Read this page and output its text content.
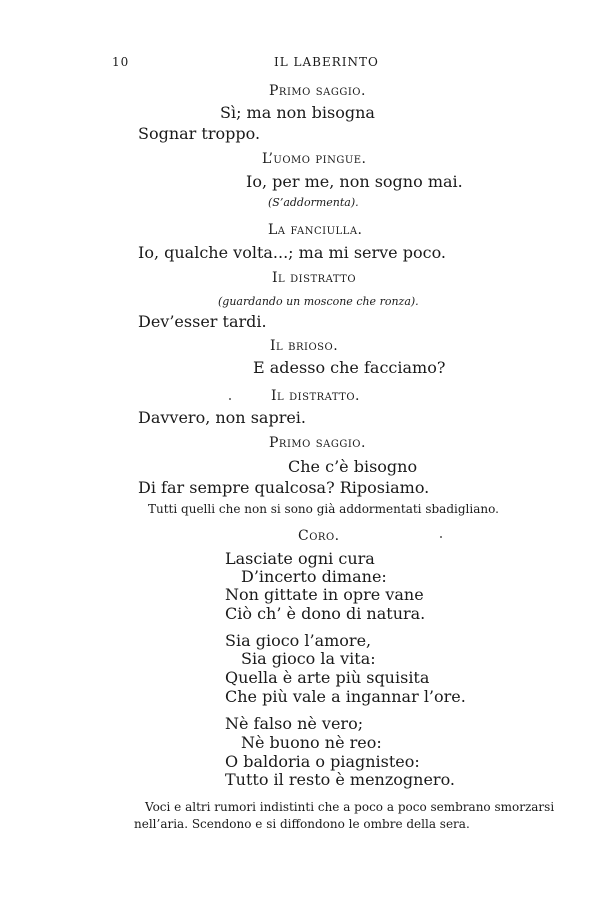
10	IL LABERINTO
Primo saggio.
Sì; ma non bisogna
Sognar troppo.
L’uomo pingue.
Io, per me, non sogno mai.
(S’addormenta).
La fanciulla.
Io, qualche volta...; ma mi serve poco.
Il distratto
(guardando un moscone che ronza).
Dev’esser tardi.
Il brioso.
E adesso che facciamo?
Il distratto.
Davvero, non saprei.
Primo saggio.
Che c’è bisogno
Di far sempre qualcosa? Riposiamo.
Tutti quelli che non si sono già addormentati sbadigliano.
Coro.
Lasciate ogni cura
D’incerto dimane:
Non gittate in opre vane
Ciò ch’ è dono di natura.
Sia gioco l’amore,
Sia gioco la vita:
Quella è arte più squisita
Che più vale a ingannar l’ore.
Nè falso nè vero;
Nè buono nè reo:
O baldoria o piagnisteo:
Tutto il resto è menzognero.
Voci e altri rumori indistinti che a poco a poco sembrano smorzarsi
nell’aria. Scendono e si diffondono le ombre della sera.
